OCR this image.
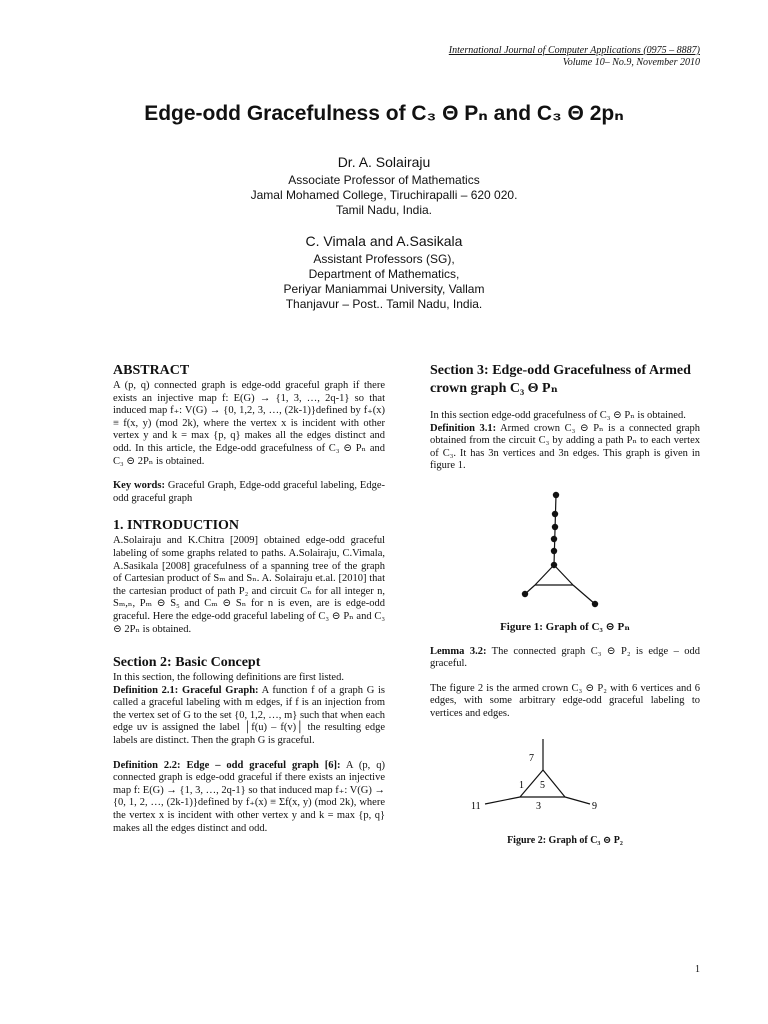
International Journal of Computer Applications (0975 – 8887)
Volume 10– No.9, November 2010
Edge-odd Gracefulness of C₃ Θ Pₙ and C₃ Θ 2pₙ
Dr. A. Solairaju
Associate Professor of Mathematics
Jamal Mohamed College, Tiruchirapalli – 620 020.
Tamil Nadu, India.
C. Vimala and A.Sasikala
Assistant Professors (SG),
Department of Mathematics,
Periyar Maniammai University, Vallam
Thanjavur – Post.. Tamil Nadu, India.
ABSTRACT

A (p, q) connected graph is edge-odd graceful graph if there exists an injective map f: E(G) → {1, 3, …, 2q-1} so that induced map f₊: V(G) → {0, 1,2, 3, …, (2k-1)}defined by f₊(x) ≡ f(x, y) (mod 2k), where the vertex x is incident with other vertex y and k = max {p, q} makes all the edges distinct and odd. In this article, the Edge-odd gracefulness of C₃ ⊝ Pₙ and C₃ ⊝ 2Pₙ is obtained.

Key words: Graceful Graph, Edge-odd graceful labeling, Edge-odd graceful graph

1. INTRODUCTION

A.Solairaju and K.Chitra [2009] obtained edge-odd graceful labeling of some graphs related to paths. A.Solairaju, C.Vimala, A.Sasikala [2008] gracefulness of a spanning tree of the graph of Cartesian product of Sₘ and Sₙ. A. Solairaju et.al. [2010] that the cartesian product of path P₂ and circuit Cₙ for all integer n, Sₘ,ₙ, Pₘ ⊝ S₅ and Cₘ ⊝ Sₙ for n is even, are is edge-odd graceful. Here the edge-odd graceful labeling of C₃ ⊝ Pₙ and C₃ ⊝ 2Pₙ is obtained.

Section 2: Basic Concept

In this section, the following definitions are first listed.

Definition 2.1: Graceful Graph: A function f of a graph G is called a graceful labeling with m edges, if f is an injection from the vertex set of G to the set {0, 1,2, …, m} such that when each edge uv is assigned the label │f(u) – f(v)│ the resulting edge labels are distinct. Then the graph G is graceful.

Definition 2.2: Edge – odd graceful graph [6]: A (p, q) connected graph is edge-odd graceful if there exists an injective map f: E(G) → {1, 3, …, 2q-1} so that induced map f₊: V(G) → {0, 1, 2, …, (2k-1)}defined by f₊(x) ≡ Σf(x, y) (mod 2k), where the vertex x is incident with other vertex y and k = max {p, q} makes all the edges distinct and odd.

Section 3: Edge-odd Gracefulness of Armed crown graph C₃ Θ Pₙ

In this section edge-odd gracefulness of C₃ ⊝ Pₙ is obtained.

Definition 3.1: Armed crown C₃ ⊝ Pₙ is a connected graph obtained from the circuit C₃ by adding a path Pₙ to each vertex of C₃. It has 3n vertices and 3n edges. This graph is given in figure 1.

Figure 1: Graph of C₃ ⊝ Pₙ

Lemma 3.2: The connected graph C₃ ⊝ P₂ is edge – odd graceful.

The figure 2 is the armed crown C₃ ⊝ P₂ with 6 vertices and 6 edges, with some arbitrary edge-odd graceful labeling to vertices and edges.

7
11	9
1 5
3
Figure 2: Graph of C₃ ⊝ P₂
1
